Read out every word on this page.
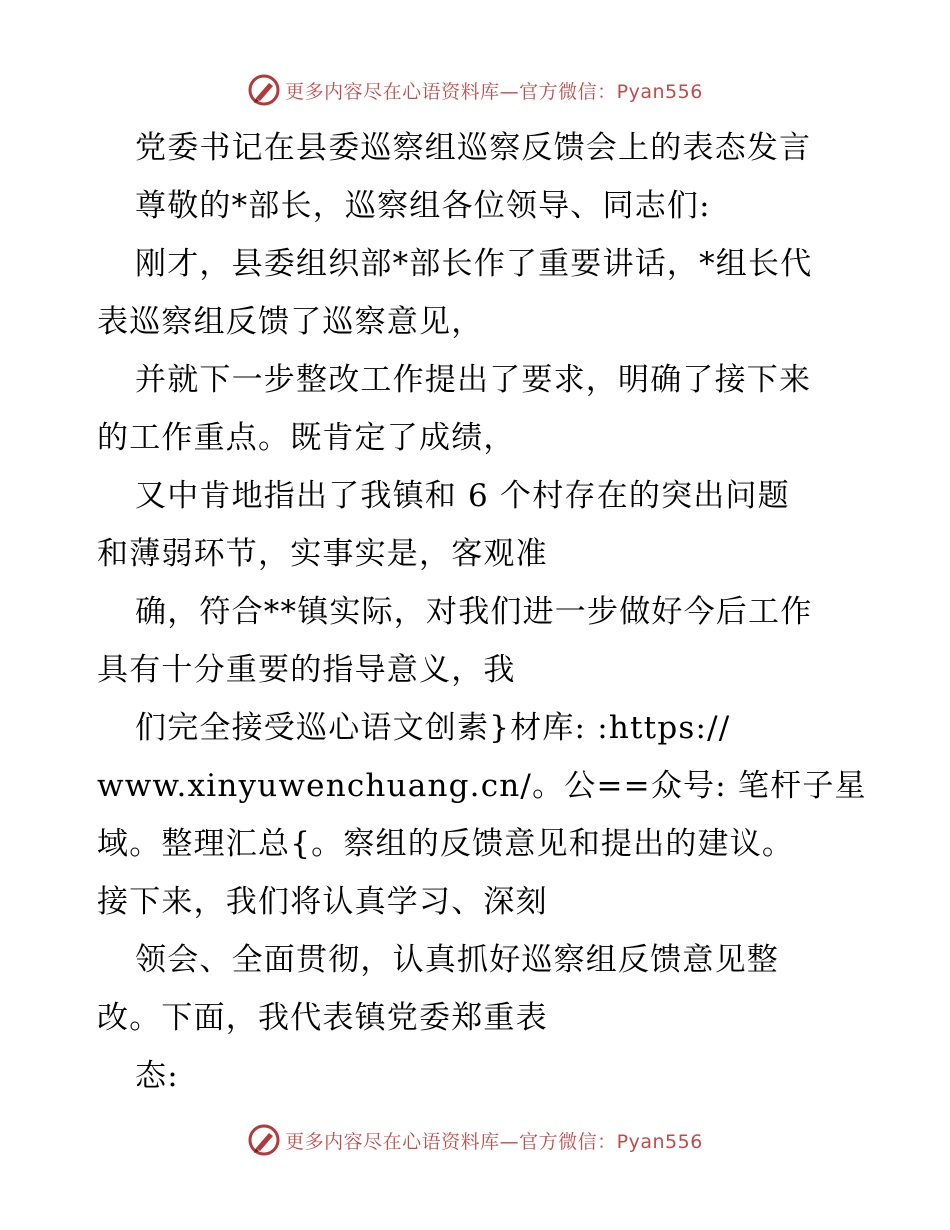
更多内容尽在心语资料库—官方微信：Pyan556
党委书记在县委巡察组巡察反馈会上的表态发言
尊敬的*部长，巡察组各位领导、同志们:
刚才，县委组织部*部长作了重要讲话，*组长代
表巡察组反馈了巡察意见，
并就下一步整改工作提出了要求，明确了接下来
的工作重点。既肯定了成绩，
又中肯地指出了我镇和 6 个村存在的突出问题
和薄弱环节，实事实是，客观准
确，符合**镇实际，对我们进一步做好今后工作
具有十分重要的指导意义，我
们完全接受巡心语文创素}材库: :https://
www.xinyuwenchuang.cn/。公==众号: 笔杆子星
域。整理汇总{。察组的反馈意见和提出的建议。
接下来，我们将认真学习、深刻
领会、全面贯彻，认真抓好巡察组反馈意见整
改。下面，我代表镇党委郑重表
态:
更多内容尽在心语资料库—官方微信：Pyan556
